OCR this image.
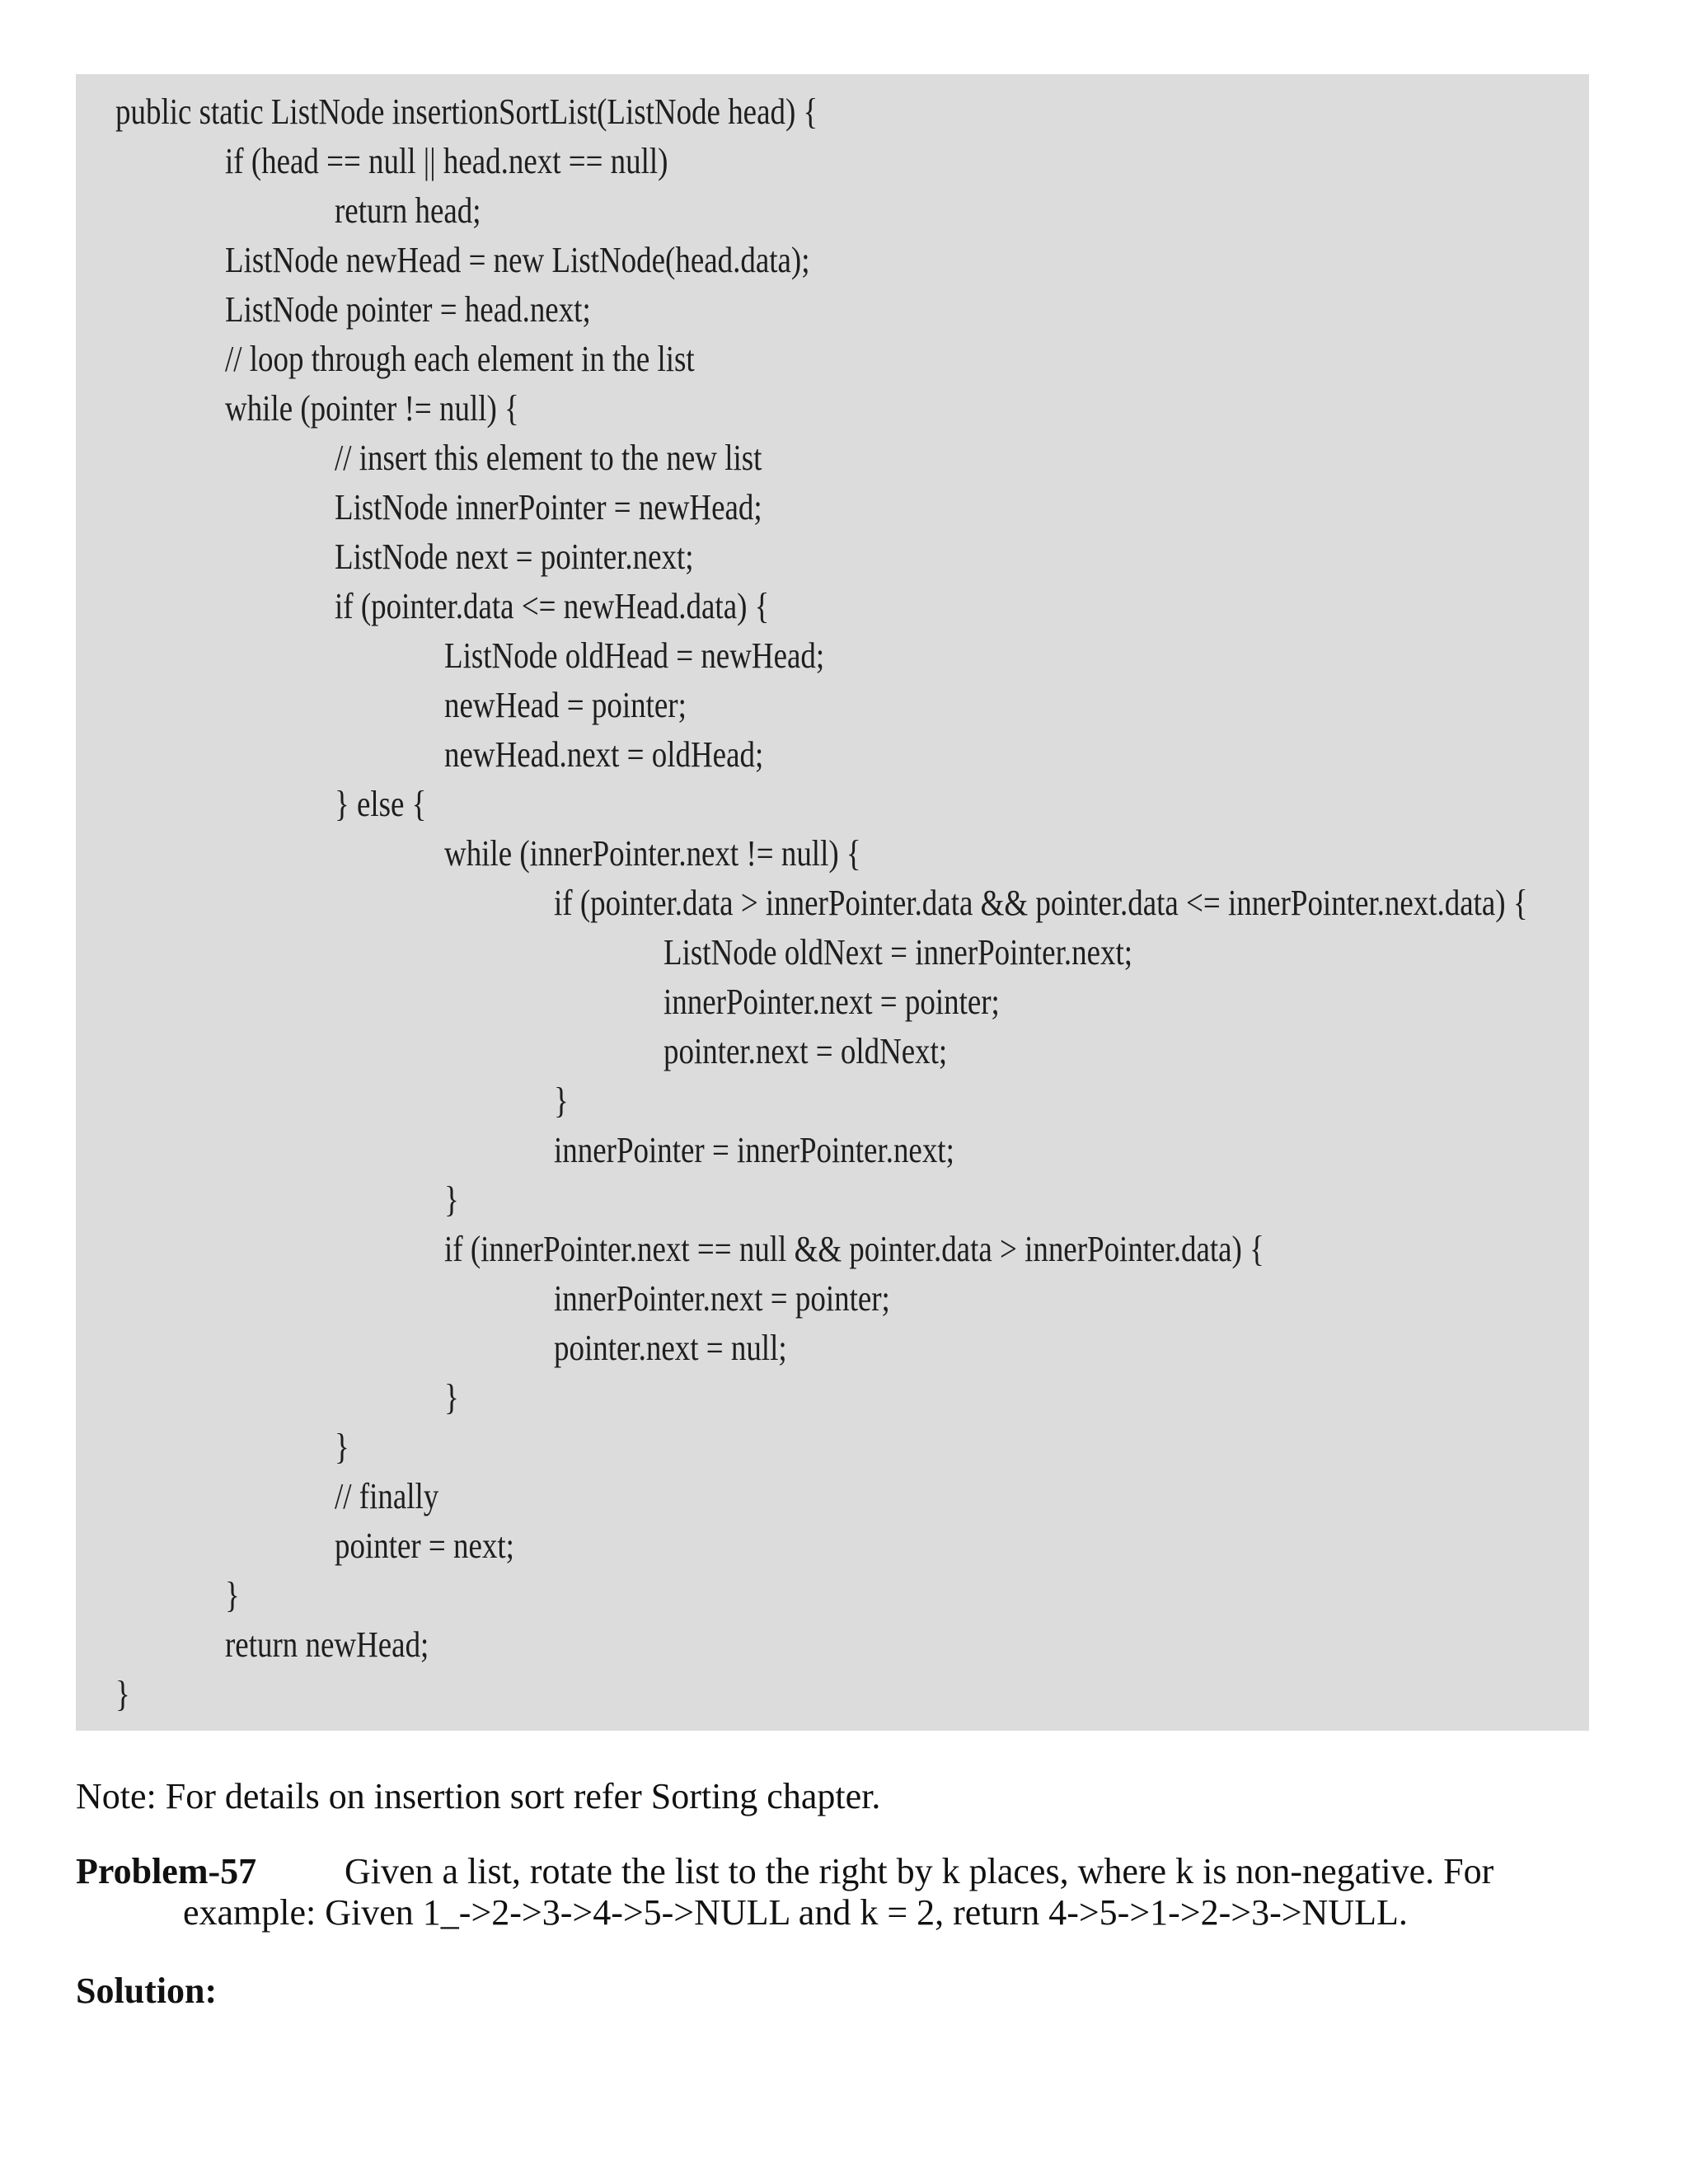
public static ListNode insertionSortList(ListNode head) {
if (head == null || head.next == null)
return head;
ListNode newHead = new ListNode(head.data);
ListNode pointer = head.next;
// loop through each element in the list
while (pointer != null) {
// insert this element to the new list
ListNode innerPointer = newHead;
ListNode next = pointer.next;
if (pointer.data <= newHead.data) {
ListNode oldHead = newHead;
newHead = pointer;
newHead.next = oldHead;
} else {
while (innerPointer.next != null) {
if (pointer.data > innerPointer.data && pointer.data <= innerPointer.next.data) {
ListNode oldNext = innerPointer.next;
innerPointer.next = pointer;
pointer.next = oldNext;
}
innerPointer = innerPointer.next;
}
if (innerPointer.next == null && pointer.data > innerPointer.data) {
innerPointer.next = pointer;
pointer.next = null;
}
}
// finally
pointer = next;
}
return newHead;
}
Note: For details on insertion sort refer Sorting chapter.
Problem-57 Given a list, rotate the list to the right by k places, where k is non-negative. For
example: Given 1_->2->3->4->5->NULL and k = 2, return 4->5->1->2->3->NULL.
Solution:
